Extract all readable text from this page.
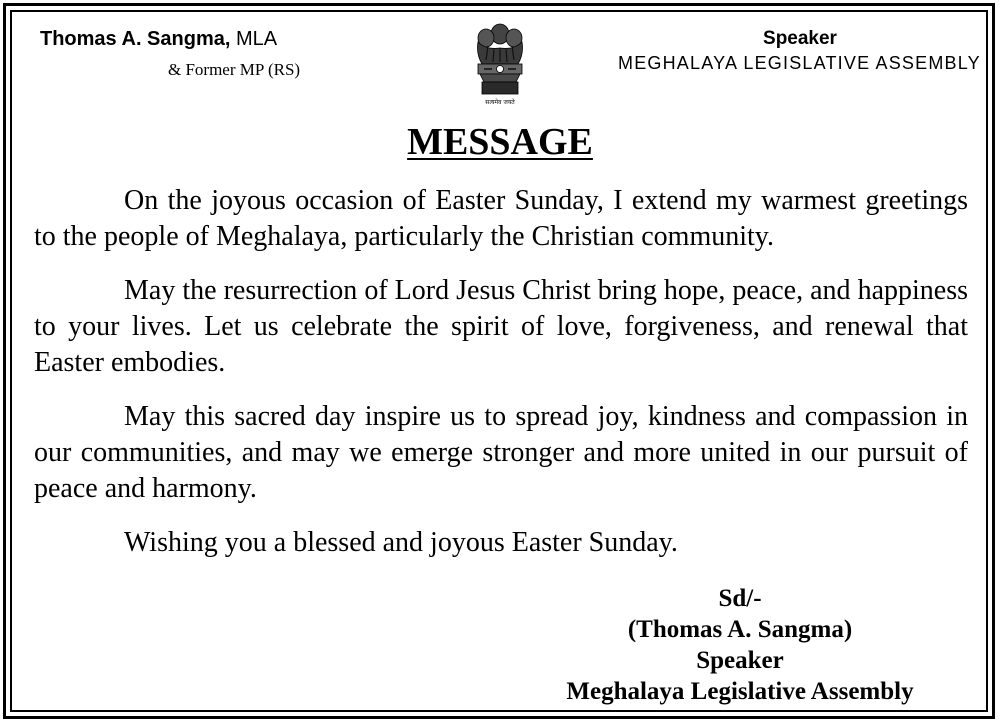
Thomas A. Sangma, MLA
& Former MP (RS)
सत्यमेव जयते
Speaker
MEGHALAYA LEGISLATIVE ASSEMBLY
MESSAGE

On the joyous occasion of Easter Sunday, I extend my warmest greetings to the people of Meghalaya, particularly the Christian community.

May the resurrection of Lord Jesus Christ bring hope, peace, and happiness to your lives. Let us celebrate the spirit of love, forgiveness, and renewal that Easter embodies.

May this sacred day inspire us to spread joy, kindness and compassion in our communities, and may we emerge stronger and more united in our pursuit of peace and harmony.

Wishing you a blessed and joyous Easter Sunday.

Sd/-
(Thomas A. Sangma)
Speaker
Meghalaya Legislative Assembly
